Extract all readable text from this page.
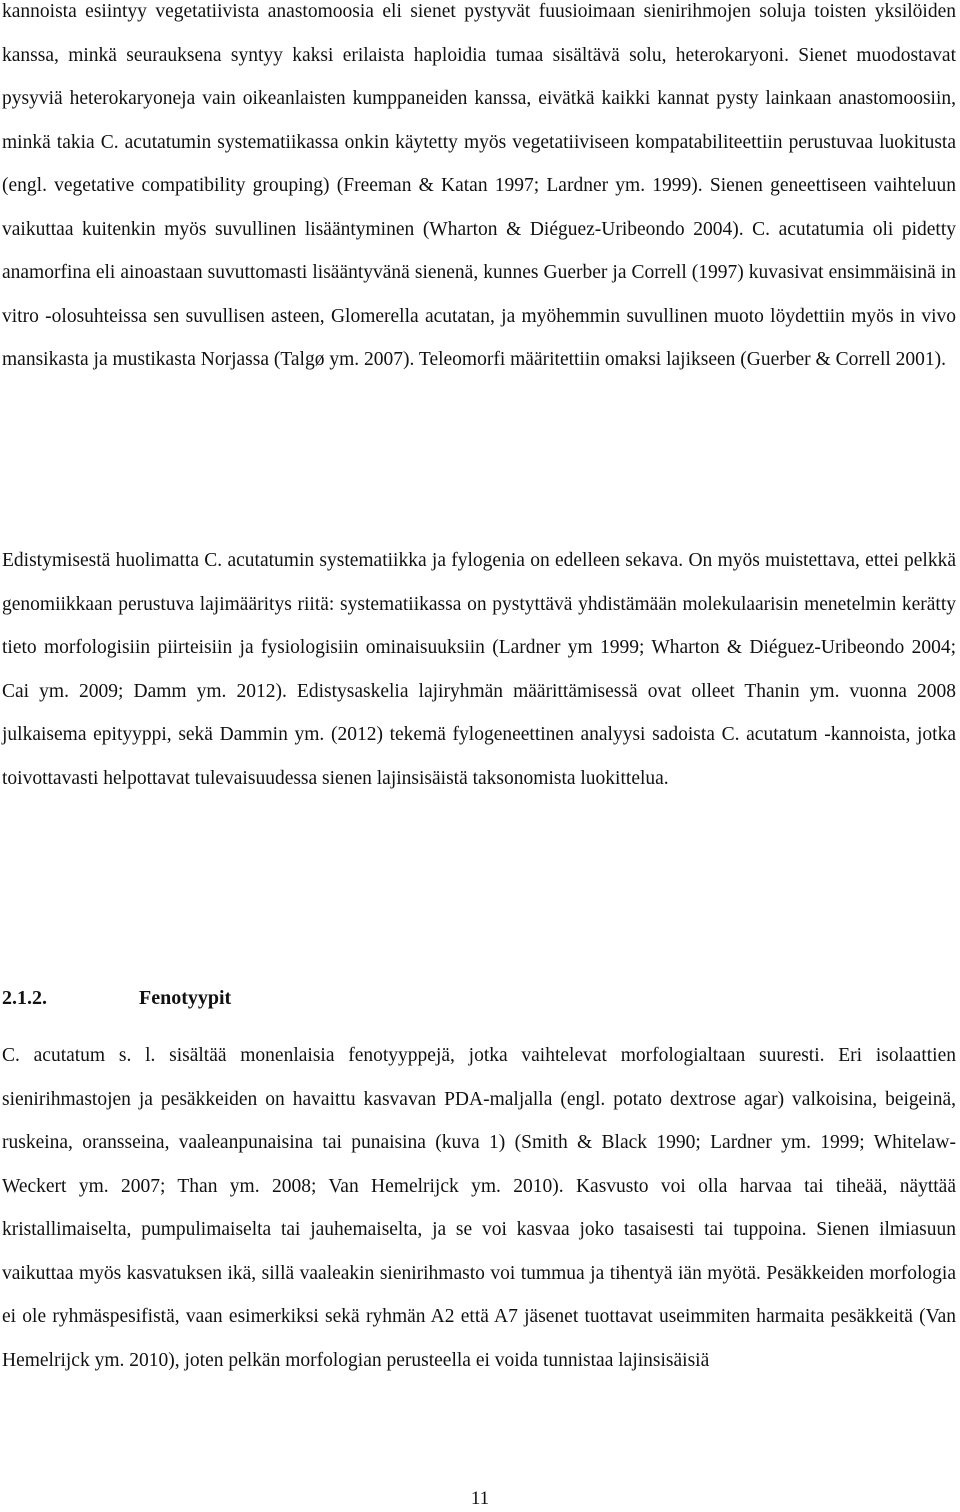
kannoista esiintyy vegetatiivista anastomoosia eli sienet pystyvät fuusioimaan sienirihmojen soluja toisten yksilöiden kanssa, minkä seurauksena syntyy kaksi erilaista haploidia tumaa sisältävä solu, heterokaryoni. Sienet muodostavat pysyviä heterokaryoneja vain oikeanlaisten kumppaneiden kanssa, eivätkä kaikki kannat pysty lainkaan anastomoosiin, minkä takia C. acutatumin systematiikassa onkin käytetty myös vegetatiiviseen kompatabiliteettiin perustuvaa luokitusta (engl. vegetative compatibility grouping) (Freeman & Katan 1997; Lardner ym. 1999). Sienen geneettiseen vaihteluun vaikuttaa kuitenkin myös suvullinen lisääntyminen (Wharton & Diéguez-Uribeondo 2004). C. acutatumia oli pidetty anamorfina eli ainoastaan suvuttomasti lisääntyvänä sienenä, kunnes Guerber ja Correll (1997) kuvasivat ensimmäisinä in vitro -olosuhteissa sen suvullisen asteen, Glomerella acutatan, ja myöhemmin suvullinen muoto löydettiin myös in vivo mansikasta ja mustikasta Norjassa (Talgø ym. 2007). Teleomorfi määritettiin omaksi lajikseen (Guerber & Correll 2001).

Edistymisestä huolimatta C. acutatumin systematiikka ja fylogenia on edelleen sekava. On myös muistettava, ettei pelkkä genomiikkaan perustuva lajimääritys riitä: systematiikassa on pystyttävä yhdistämään molekulaarisin menetelmin kerätty tieto morfologisiin piirteisiin ja fysiologisiin ominaisuuksiin (Lardner ym 1999; Wharton & Diéguez-Uribeondo 2004; Cai ym. 2009; Damm ym. 2012). Edistysaskelia lajiryhmän määrittämisessä ovat olleet Thanin ym. vuonna 2008 julkaisema epityyppi, sekä Dammin ym. (2012) tekemä fylogeneettinen analyysi sadoista C. acutatum -kannoista, jotka toivottavasti helpottavat tulevaisuudessa sienen lajinsisäistä taksonomista luokittelua.

2.1.2.	Fenotyypit

C. acutatum s. l. sisältää monenlaisia fenotyyppejä, jotka vaihtelevat morfologialtaan suuresti. Eri isolaattien sienirihmastojen ja pesäkkeiden on havaittu kasvavan PDA-maljalla (engl. potato dextrose agar) valkoisina, beigeinä, ruskeina, oransseina, vaaleanpunaisina tai punaisina (kuva 1) (Smith & Black 1990; Lardner ym. 1999; Whitelaw-Weckert ym. 2007; Than ym. 2008; Van Hemelrijck ym. 2010). Kasvusto voi olla harvaa tai tiheää, näyttää kristallimaiselta, pumpulimaiselta tai jauhemaiselta, ja se voi kasvaa joko tasaisesti tai tuppoina. Sienen ilmiasuun vaikuttaa myös kasvatuksen ikä, sillä vaaleakin sienirihmasto voi tummua ja tihentyä iän myötä. Pesäkkeiden morfologia ei ole ryhmäspesifistä, vaan esimerkiksi sekä ryhmän A2 että A7 jäsenet tuottavat useimmiten harmaita pesäkkeitä (Van Hemelrijck ym. 2010), joten pelkän morfologian perusteella ei voida tunnistaa lajinsisäisiä

11
